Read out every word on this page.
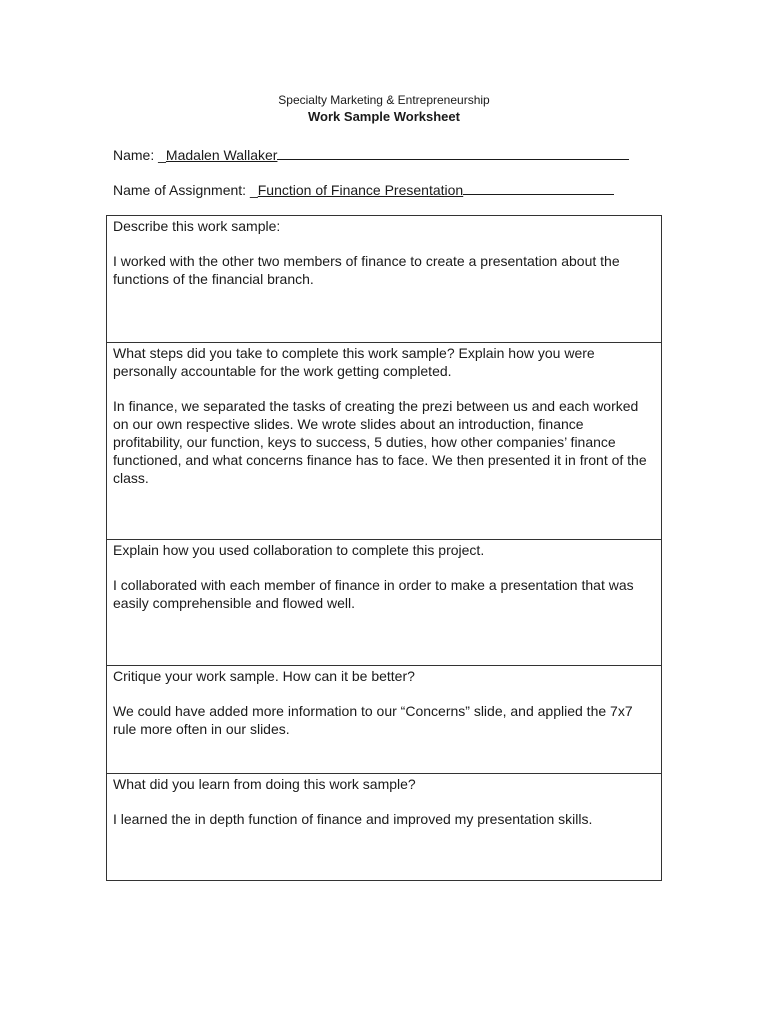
Specialty Marketing & Entrepreneurship
Work Sample Worksheet
Name: _Madalen Wallaker
Name of Assignment: _Function of Finance Presentation

Describe this work sample:

I worked with the other two members of finance to create a presentation about the functions of the financial branch.

What steps did you take to complete this work sample? Explain how you were personally accountable for the work getting completed.

In finance, we separated the tasks of creating the prezi between us and each worked on our own respective slides. We wrote slides about an introduction, finance profitability, our function, keys to success, 5 duties, how other companies’ finance functioned, and what concerns finance has to face. We then presented it in front of the class.

Explain how you used collaboration to complete this project.

I collaborated with each member of finance in order to make a presentation that was easily comprehensible and flowed well.

Critique your work sample. How can it be better?

We could have added more information to our “Concerns” slide, and applied the 7x7 rule more often in our slides.

What did you learn from doing this work sample?

I learned the in depth function of finance and improved my presentation skills.
